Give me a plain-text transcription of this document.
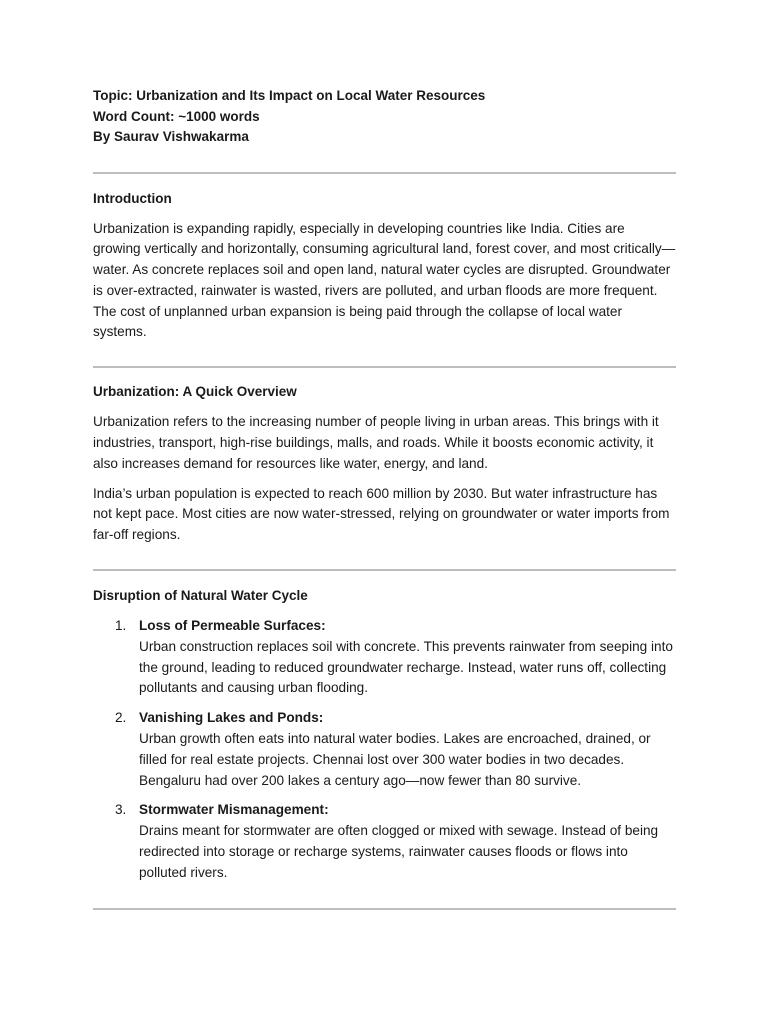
Topic: Urbanization and Its Impact on Local Water Resources

Word Count: ~1000 words

By Saurav Vishwakarma

Introduction

Urbanization is expanding rapidly, especially in developing countries like India. Cities are growing vertically and horizontally, consuming agricultural land, forest cover, and most critically—water. As concrete replaces soil and open land, natural water cycles are disrupted. Groundwater is over-extracted, rainwater is wasted, rivers are polluted, and urban floods are more frequent. The cost of unplanned urban expansion is being paid through the collapse of local water systems.

Urbanization: A Quick Overview

Urbanization refers to the increasing number of people living in urban areas. This brings with it industries, transport, high-rise buildings, malls, and roads. While it boosts economic activity, it also increases demand for resources like water, energy, and land.

India’s urban population is expected to reach 600 million by 2030. But water infrastructure has not kept pace. Most cities are now water-stressed, relying on groundwater or water imports from far-off regions.

Disruption of Natural Water Cycle
1. Loss of Permeable Surfaces:
Urban construction replaces soil with concrete. This prevents rainwater from seeping into the ground, leading to reduced groundwater recharge. Instead, water runs off, collecting pollutants and causing urban flooding.
2. Vanishing Lakes and Ponds:
Urban growth often eats into natural water bodies. Lakes are encroached, drained, or filled for real estate projects. Chennai lost over 300 water bodies in two decades. Bengaluru had over 200 lakes a century ago—now fewer than 80 survive.
3. Stormwater Mismanagement:
Drains meant for stormwater are often clogged or mixed with sewage. Instead of being redirected into storage or recharge systems, rainwater causes floods or flows into polluted rivers.
